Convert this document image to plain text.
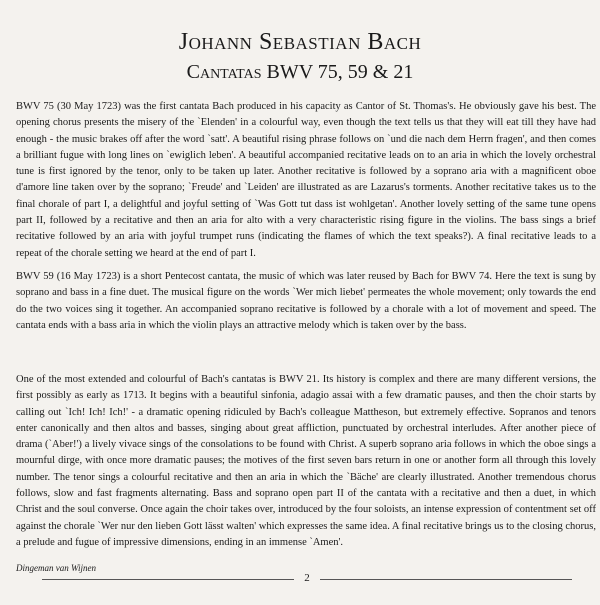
Johann Sebastian Bach
Cantatas BWV 75, 59 & 21

BWV 75 (30 May 1723) was the first cantata Bach produced in his capacity as Cantor of St. Thomas's. He obviously gave his best. The opening chorus presents the misery of the `Elenden' in a colourful way, even though the text tells us that they will eat till they have had enough - the music brakes off after the word `satt'. A beautiful rising phrase follows on `und die nach dem Herrn fragen', and then comes a brilliant fugue with long lines on `ewiglich leben'. A beautiful accompanied recitative leads on to an aria in which the lovely orchestral tune is first ignored by the tenor, only to be taken up later. Another recitative is followed by a soprano aria with a magnificent oboe d'amore line taken over by the soprano; `Freude' and `Leiden' are illustrated as are Lazarus's torments. Another recitative takes us to the final chorale of part I, a delightful and joyful setting of `Was Gott tut dass ist wohlgetan'. Another lovely setting of the same tune opens part II, followed by a recitative and then an aria for alto with a very characteristic rising figure in the violins. The bass sings a brief recitative followed by an aria with joyful trumpet runs (indicating the flames of which the text speaks?). A final recitative leads to a repeat of the chorale setting we heard at the end of part I.

BWV 59 (16 May 1723) is a short Pentecost cantata, the music of which was later reused by Bach for BWV 74. Here the text is sung by soprano and bass in a fine duet. The musical figure on the words `Wer mich liebet' permeates the whole movement; only towards the end do the two voices sing it together. An accompanied soprano recitative is followed by a chorale with a lot of movement and speed. The cantata ends with a bass aria in which the violin plays an attractive melody which is taken over by the bass.

One of the most extended and colourful of Bach's cantatas is BWV 21. Its history is complex and there are many different versions, the first possibly as early as 1713. It begins with a beautiful sinfonia, adagio assai with a few dramatic pauses, and then the choir starts by calling out `Ich! Ich! Ich!' - a dramatic opening ridiculed by Bach's colleague Mattheson, but extremely effective. Sopranos and tenors enter canonically and then altos and basses, singing about great affliction, punctuated by orchestral interludes. After another piece of drama (`Aber!') a lively vivace sings of the consolations to be found with Christ. A superb soprano aria follows in which the oboe sings a mournful dirge, with once more dramatic pauses; the motives of the first seven bars return in one or another form all through this lovely number. The tenor sings a colourful recitative and then an aria in which the `Bäche' are clearly illustrated. Another tremendous chorus follows, slow and fast fragments alternating. Bass and soprano open part II of the cantata with a recitative and then a duet, in which Christ and the soul converse. Once again the choir takes over, introduced by the four soloists, an intense expression of contentment set off against the chorale `Wer nur den lieben Gott lässt walten' which expresses the same idea. A final recitative brings us to the closing chorus, a prelude and fugue of impressive dimensions, ending in an immense `Amen'.

Dingeman van Wijnen

2
